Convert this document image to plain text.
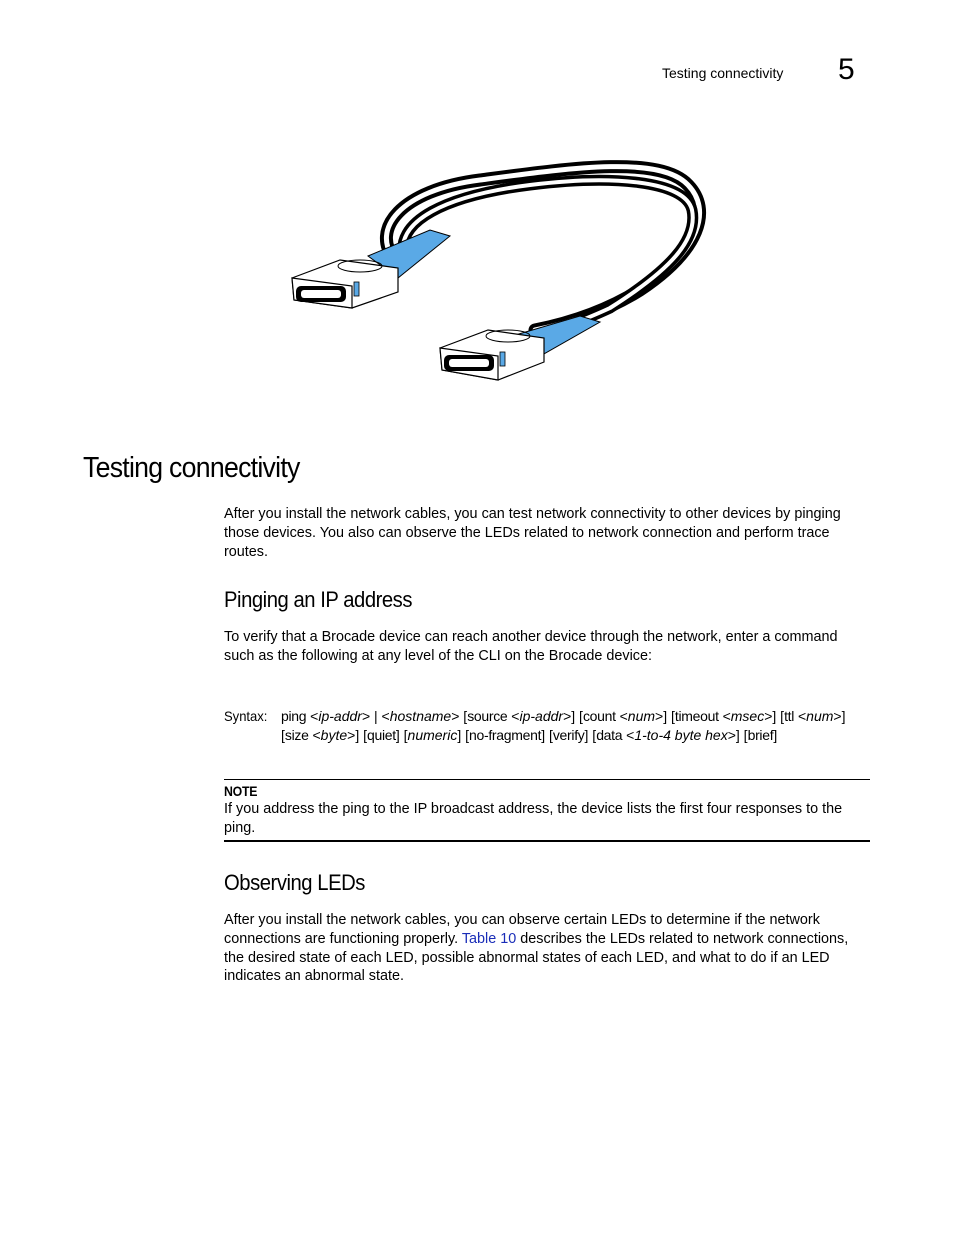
Testing connectivity 5
Testing connectivity

After you install the network cables, you can test network connectivity to other devices by pinging those devices. You also can observe the LEDs related to network connection and perform trace routes.

Pinging an IP address

To verify that a Brocade device can reach another device through the network, enter a command such as the following at any level of the CLI on the Brocade device:

Syntax: ping <ip-addr> | <hostname> [source <ip-addr>] [count <num>] [timeout <msec>] [ttl <num>] [size <byte>] [quiet] [numeric] [no-fragment] [verify] [data <1-to-4 byte hex>] [brief]

NOTE

If you address the ping to the IP broadcast address, the device lists the first four responses to the ping.

Observing LEDs

After you install the network cables, you can observe certain LEDs to determine if the network connections are functioning properly. Table 10 describes the LEDs related to network connections, the desired state of each LED, possible abnormal states of each LED, and what to do if an LED indicates an abnormal state.
